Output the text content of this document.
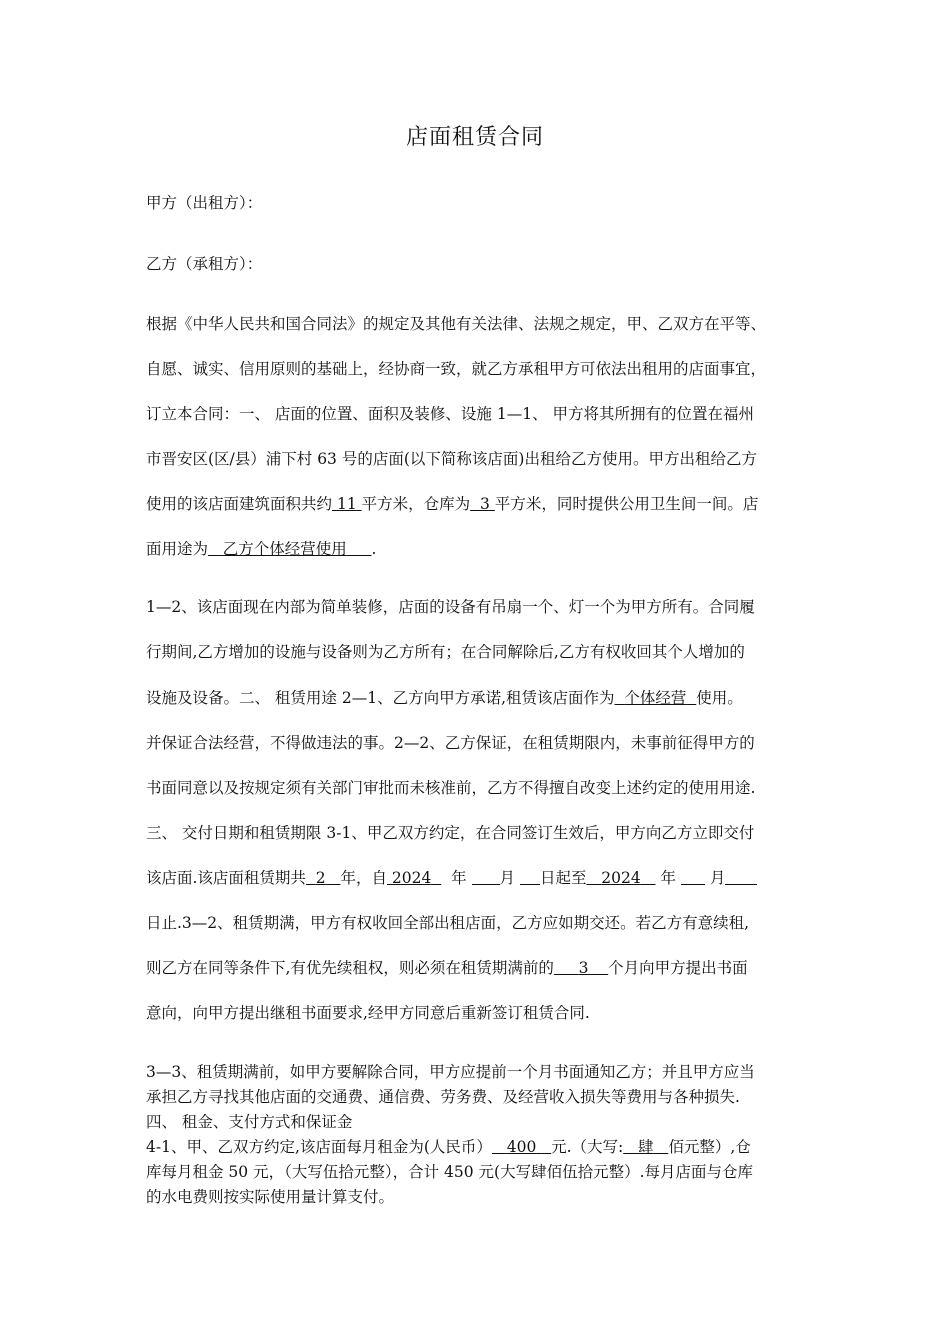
店面租赁合同
甲方（出租方）：
乙方（承租方）：
根据《中华人民共和国合同法》的规定及其他有关法律、法规之规定，甲、乙双方在平等、
自愿、诚实、信用原则的基础上，经协商一致，就乙方承租甲方可依法出租用的店面事宜，
订立本合同：一、 店面的位置、面积及装修、设施 1—1、 甲方将其所拥有的位置在福州
市晋安区(区/县）浦下村 63 号的店面(以下简称该店面)出租给乙方使用。甲方出租给乙方
使用的该店面建筑面积共约 11 平方米，仓库为 3 平方米，同时提供公用卫生间一间。店
面用途为 乙方个体经营使用 .
1—2、该店面现在内部为简单装修，店面的设备有吊扇一个、灯一个为甲方所有。合同履
行期间,乙方增加的设施与设备则为乙方所有；在合同解除后,乙方有权收回其个人增加的
设施及设备。二、 租赁用途 2—1、乙方向甲方承诺,租赁该店面作为 个体经营 使用。
并保证合法经营，不得做违法的事。2—2、乙方保证，在租赁期限内，未事前征得甲方的
书面同意以及按规定须有关部门审批而未核准前，乙方不得擅自改变上述约定的使用用途.
三、 交付日期和租赁期限 3-1、甲乙双方约定，在合同签订生效后，甲方向乙方立即交付
该店面.该店面租赁期共 2 年，自 2024 年 月 日起至 2024 年 月
日止.3—2、租赁期满，甲方有权收回全部出租店面，乙方应如期交还。若乙方有意续租,
则乙方在同等条件下,有优先续租权，则必须在租赁期满前的 3 个月向甲方提出书面
意向，向甲方提出继租书面要求,经甲方同意后重新签订租赁合同.
3—3、租赁期满前，如甲方要解除合同，甲方应提前一个月书面通知乙方；并且甲方应当
承担乙方寻找其他店面的交通费、通信费、劳务费、及经营收入损失等费用与各种损失.
四、 租金、支付方式和保证金
4-1、甲、乙双方约定,该店面每月租金为(人民币） 400 元.（大写: 肆 佰元整）,仓
库每月租金 50 元，（大写伍拾元整），合计 450 元(大写肆佰伍拾元整）.每月店面与仓库
的水电费则按实际使用量计算支付。
